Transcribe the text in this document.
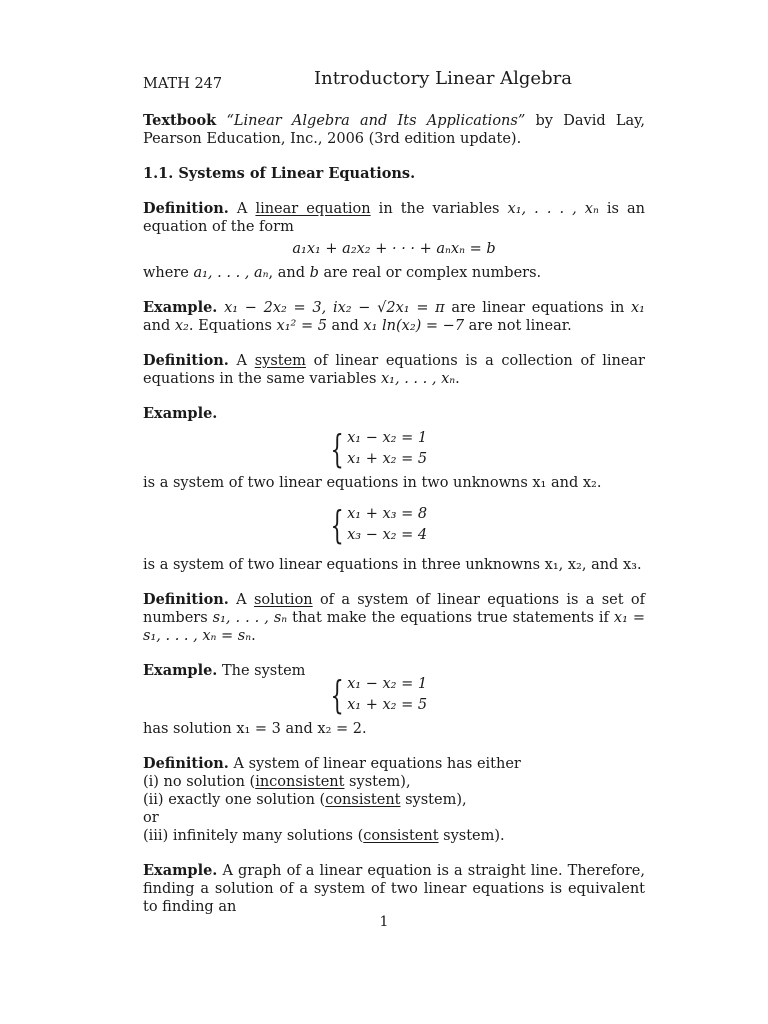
MATH 247	Introductory Linear Algebra

Textbook “Linear Algebra and Its Applications” by David Lay, Pearson Education, Inc., 2006 (3rd edition update).

1.1. Systems of Linear Equations.

Definition. A linear equation in the variables x₁, . . . , xₙ is an equation of the form

a₁x₁ + a₂x₂ + · · · + aₙxₙ = b

where a₁, . . . , aₙ, and b are real or complex numbers.

Example. x₁ − 2x₂ = 3, ix₂ − √2x₁ = π are linear equations in x₁ and x₂. Equations x₁² = 5 and x₁ ln(x₂) = −7 are not linear.

Definition. A system of linear equations is a collection of linear equations in the same variables x₁, . . . , xₙ.

Example.

{ x₁ − x₂ = 1
x₁ + x₂ = 5

is a system of two linear equations in two unknowns x₁ and x₂.

{ x₁ + x₃ = 8
x₃ − x₂ = 4

is a system of two linear equations in three unknowns x₁, x₂, and x₃.

Definition. A solution of a system of linear equations is a set of numbers s₁, . . . , sₙ that make the equations true statements if x₁ = s₁, . . . , xₙ = sₙ.

Example. The system

{ x₁ − x₂ = 1
x₁ + x₂ = 5

has solution x₁ = 3 and x₂ = 2.

Definition. A system of linear equations has either

(i) no solution (inconsistent system),

(ii) exactly one solution (consistent system),

or

(iii) infinitely many solutions (consistent system).

Example. A graph of a linear equation is a straight line. Therefore, finding a solution of a system of two linear equations is equivalent to finding an

1
